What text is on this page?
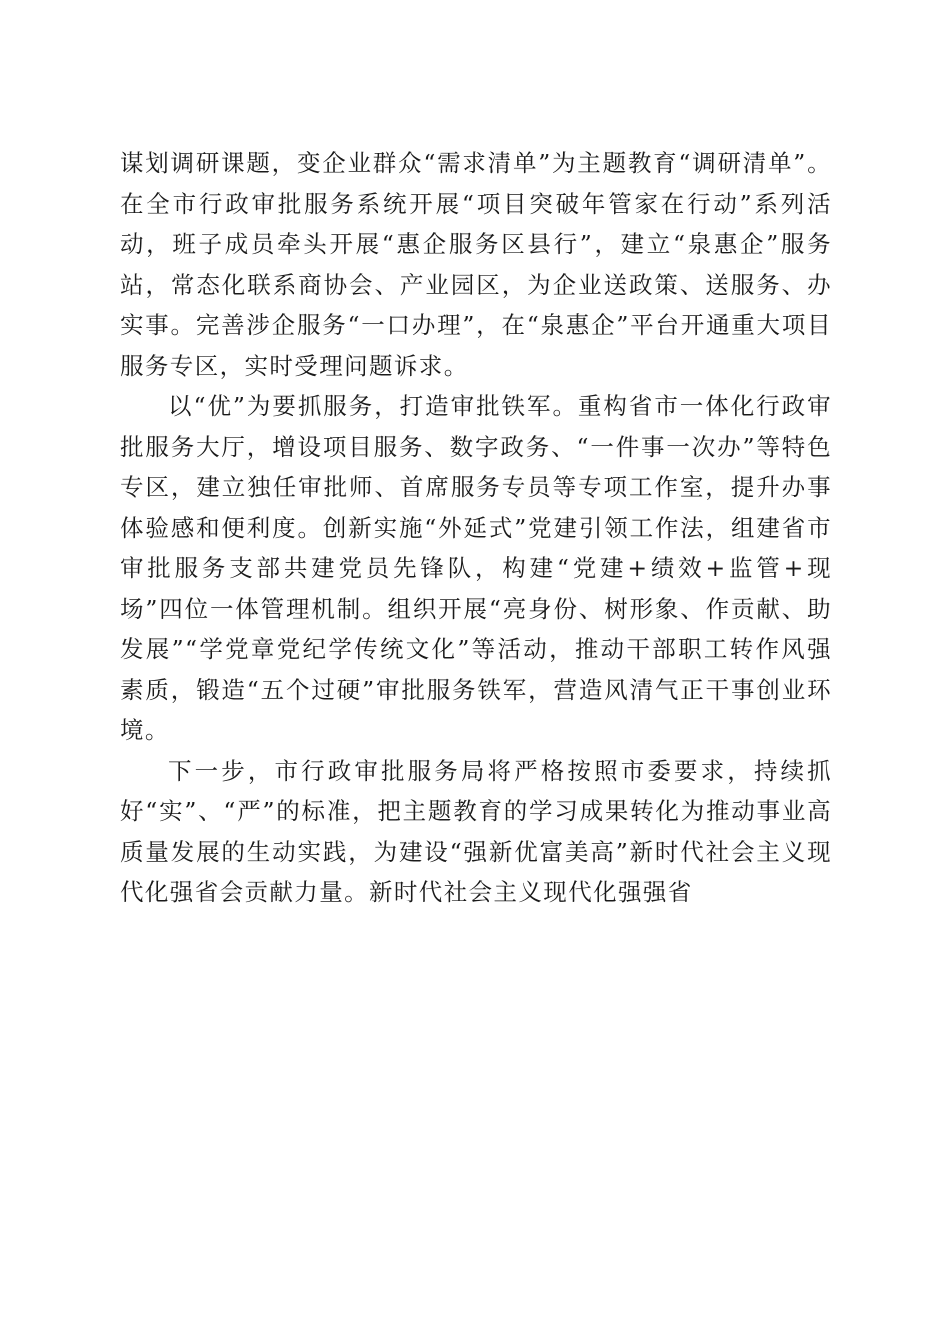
谋划调研课题，变企业群众“需求清单”为主题教育“调研清单”。在全市行政审批服务系统开展“项目突破年管家在行动”系列活动，班子成员牵头开展“惠企服务区县行”，建立“泉惠企”服务站，常态化联系商协会、产业园区，为企业送政策、送服务、办实事。完善涉企服务“一口办理”，在“泉惠企”平台开通重大项目服务专区，实时受理问题诉求。

以“优”为要抓服务，打造审批铁军。重构省市一体化行政审批服务大厅，增设项目服务、数字政务、“一件事一次办”等特色专区，建立独任审批师、首席服务专员等专项工作室，提升办事体验感和便利度。创新实施“外延式”党建引领工作法，组建省市审批服务支部共建党员先锋队，构建“党建+绩效+监管+现场”四位一体管理机制。组织开展“亮身份、树形象、作贡献、助发展”“学党章党纪学传统文化”等活动，推动干部职工转作风强素质，锻造“五个过硬”审批服务铁军，营造风清气正干事创业环境。

下一步，市行政审批服务局将严格按照市委要求，持续抓好“实”、“严”的标准，把主题教育的学习成果转化为推动事业高质量发展的生动实践，为建设“强新优富美高”新时代社会主义现代化强省会贡献力量。新时代社会主义现代化强强省
